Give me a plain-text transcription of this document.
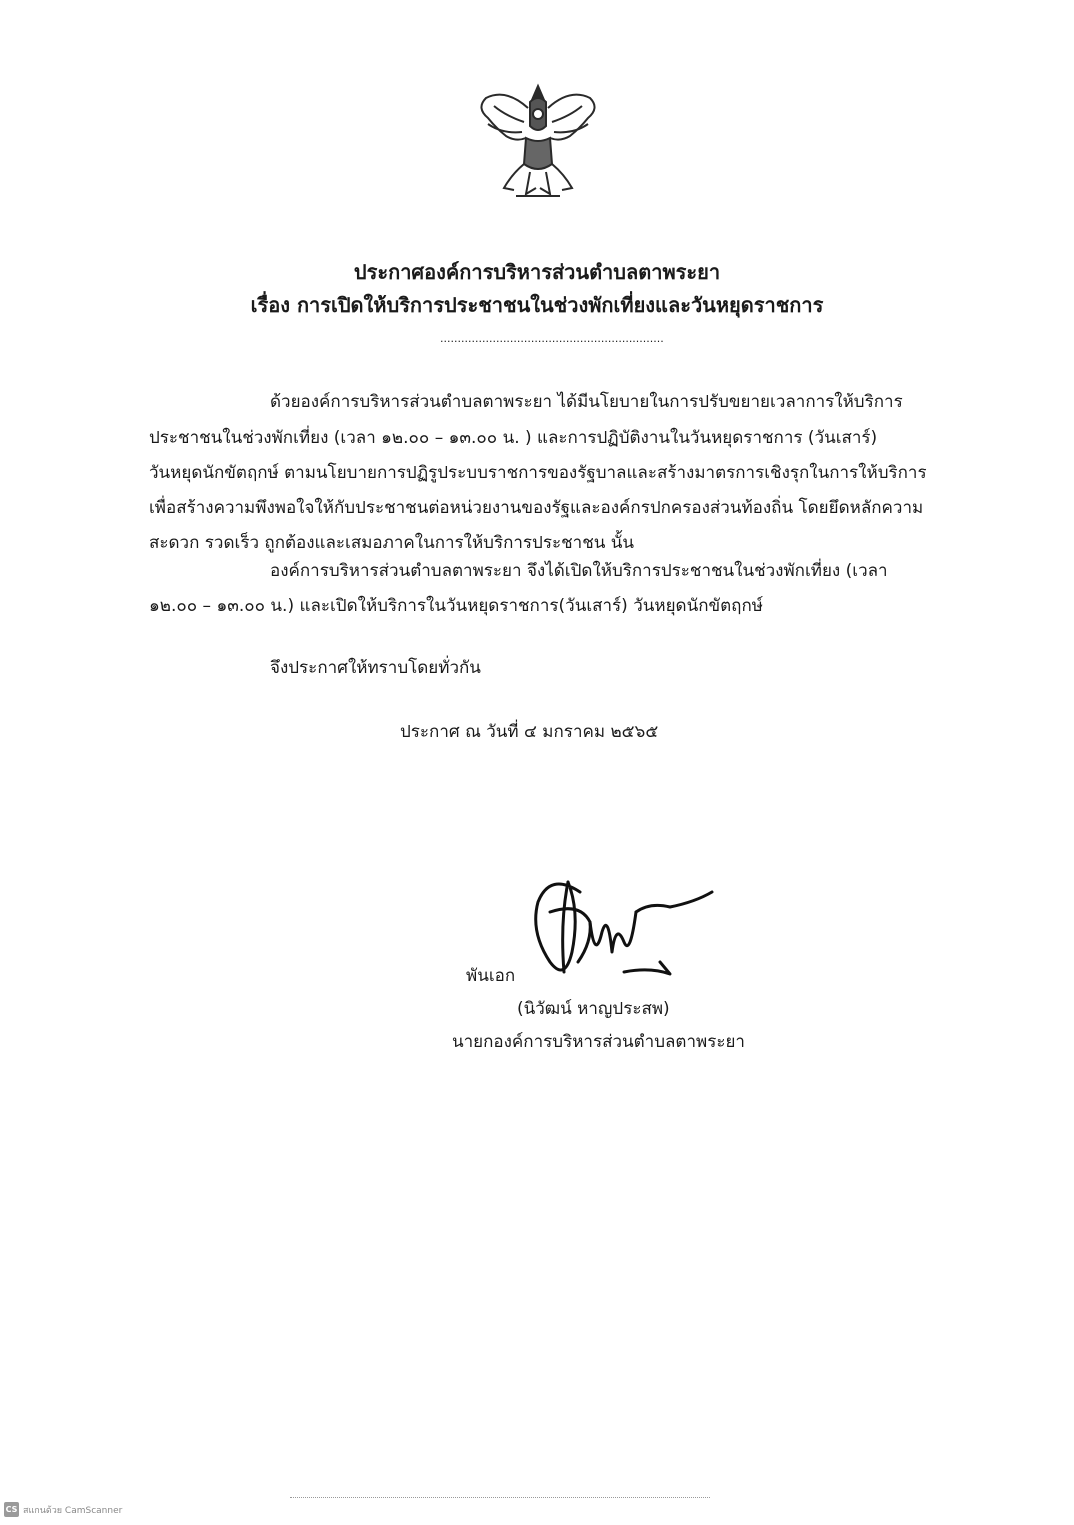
ประกาศองค์การบริหารส่วนตำบลตาพระยา
เรื่อง การเปิดให้บริการประชาชนในช่วงพักเที่ยงและวันหยุดราชการ
................................................................
ด้วยองค์การบริหารส่วนตำบลตาพระยา ได้มีนโยบายในการปรับขยายเวลาการให้บริการ
ประชาชนในช่วงพักเที่ยง (เวลา ๑๒.๐๐ – ๑๓.๐๐ น. ) และการปฏิบัติงานในวันหยุดราชการ (วันเสาร์)
วันหยุดนักขัตฤกษ์ ตามนโยบายการปฏิรูประบบราชการของรัฐบาลและสร้างมาตรการเชิงรุกในการให้บริการ
เพื่อสร้างความพึงพอใจให้กับประชาชนต่อหน่วยงานของรัฐและองค์กรปกครองส่วนท้องถิ่น โดยยึดหลักความ
สะดวก รวดเร็ว ถูกต้องและเสมอภาคในการให้บริการประชาชน นั้น
องค์การบริหารส่วนตำบลตาพระยา จึงได้เปิดให้บริการประชาชนในช่วงพักเที่ยง (เวลา
๑๒.๐๐ – ๑๓.๐๐ น.) และเปิดให้บริการในวันหยุดราชการ(วันเสาร์) วันหยุดนักขัตฤกษ์
จึงประกาศให้ทราบโดยทั่วกัน
ประกาศ ณ วันที่ ๔ มกราคม ๒๕๖๕
พันเอก
(นิวัฒน์ หาญประสพ)
นายกองค์การบริหารส่วนตำบลตาพระยา
CS สแกนด้วย CamScanner
